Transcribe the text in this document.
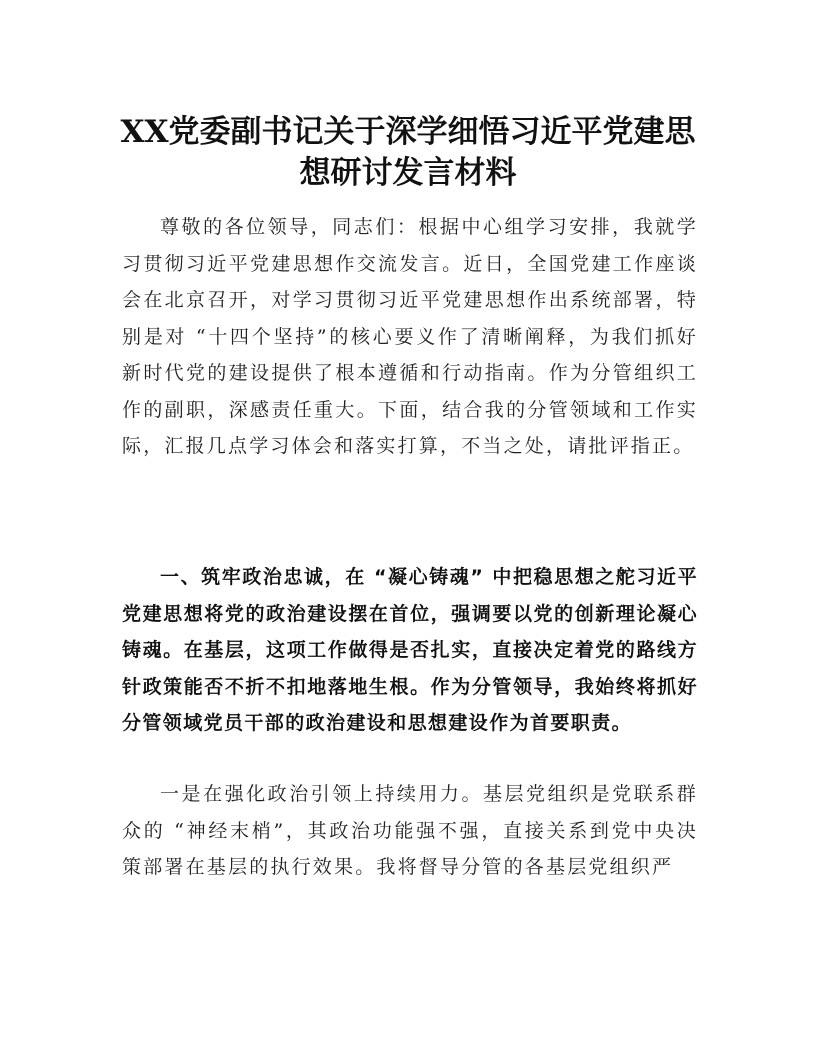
XX党委副书记关于深学细悟习近平党建思想研讨发言材料

尊敬的各位领导，同志们：根据中心组学习安排，我就学习贯彻习近平党建思想作交流发言。近日，全国党建工作座谈会在北京召开，对学习贯彻习近平党建思想作出系统部署，特别是对 “十四个坚持”的核心要义作了清晰阐释，为我们抓好新时代党的建设提供了根本遵循和行动指南。作为分管组织工作的副职，深感责任重大。下面，结合我的分管领域和工作实际，汇报几点学习体会和落实打算，不当之处，请批评指正。

一、筑牢政治忠诚，在 “凝心铸魂” 中把稳思想之舵习近平党建思想将党的政治建设摆在首位，强调要以党的创新理论凝心铸魂。在基层，这项工作做得是否扎实，直接决定着党的路线方针政策能否不折不扣地落地生根。作为分管领导，我始终将抓好分管领域党员干部的政治建设和思想建设作为首要职责。

一是在强化政治引领上持续用力。基层党组织是党联系群众的 “神经末梢”，其政治功能强不强，直接关系到党中央决策部署在基层的执行效果。我将督导分管的各基层党组织严
